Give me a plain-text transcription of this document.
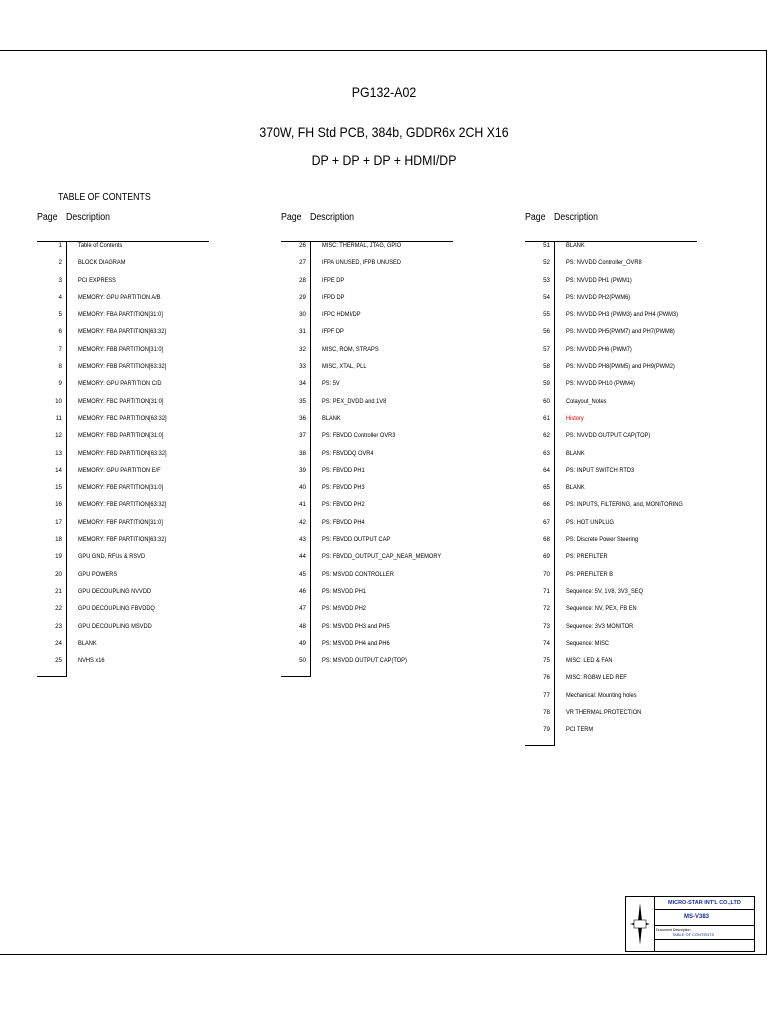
PG132-A02
370W, FH Std PCB, 384b, GDDR6x 2CH X16
DP + DP + DP + HDMI/DP
TABLE OF CONTENTS
Page Description
1	Table of Contents
2	BLOCK DIAGRAM
3	PCI EXPRESS
4	MEMORY: GPU PARTITION A/B
5	MEMORY: FBA PARTITION[31:0]
6	MEMORY: FBA PARTITION[63:32]
7	MEMORY: FBB PARTITION[31:0]
8	MEMORY: FBB PARTITION[63:32]
9	MEMORY: GPU PARTITION C/D
10	MEMORY: FBC PARTITION[31:0]
11	MEMORY: FBC PARTITION[63:32]
12	MEMORY: FBD PARTITION[31:0]
13	MEMORY: FBD PARTITION[63:32]
14	MEMORY: GPU PARTITION E/F
15	MEMORY: FBE PARTITION[31:0]
16	MEMORY: FBE PARTITION[63:32]
17	MEMORY: FBF PARTITION[31:0]
18	MEMORY: FBF PARTITION[63:32]
19	GPU GND, RFUs & RSVD
20	GPU POWERS
21	GPU DECOUPLING NVVDD
22	GPU DECOUPLING FBVDDQ
23	GPU DECOUPLING MSVDD
24	BLANK
25	NVHS x16
Page Description
26	MISC: THERMAL, JTAG, GPIO
27	IFPA UNUSED, IFPB UNUSED
28	IFPE DP
29	IFPD DP
30	IFPC HDMI/DP
31	IFPF DP
32	MISC, ROM, STRAPS
33	MISC, XTAL, PLL
34	PS: 5V
35	PS: PEX_DVDD and 1V8
36	BLANK
37	PS: FBVDD Controller OVR3
38	PS: FBVDDQ OVR4
39	PS: FBVDD PH1
40	PS: FBVDD PH3
41	PS: FBVDD PH2
42	PS: FBVDD PH4
43	PS: FBVDD OUTPUT CAP
44	PS: FBVDD_OUTPUT_CAP_NEAR_MEMORY
45	PS: MSVDD CONTROLLER
46	PS: MSVDD PH1
47	PS: MSVDD PH2
48	PS: MSVDD PH3 and PH5
49	PS: MSVDD PH4 and PH6
50	PS: MSVDD OUTPUT CAP(TOP)
Page Description
51	BLANK
52	PS: NVVDD Controller_OVR8
53	PS: NVVDD PH1 (PWM1)
54	PS: NVVDD PH2(PWM6)
55	PS: NVVDD PH3 (PWM3) and PH4 (PWM3)
56	PS: NVVDD PH5(PWM7) and PH7(PWM8)
57	PS: NVVDD PH6 (PWM7)
58	PS: NVVDD PH8(PWM5) and PH9(PWM2)
59	PS: NVVDD PH10 (PWM4)
60	Colayout_Notes
61	History
62	PS: NVVDD OUTPUT CAP(TOP)
63	BLANK
64	PS: INPUT SWITCH RTD3
65	BLANK
66	PS: INPUTS, FILTERING, and, MONITORING
67	PS: HOT UNPLUG
68	PS: Discrete Power Steering
69	PS: PREFILTER
70	PS: PREFILTER B
71	Sequence: 5V, 1V8, 3V3_SEQ
72	Sequence: NV, PEX, FB EN
73	Sequence: 3V3 MONITOR
74	Sequence: MISC
75	MISC: LED & FAN
76	MISC: RGBW LED REF
77	Mechanical: Mounting holes
78	VR THERMAL PROTECTION
79	PCI TERM
MICRO-STAR INT'L CO.,LTD
MS-V383
Document Description
TABLE OF CONTENTS
